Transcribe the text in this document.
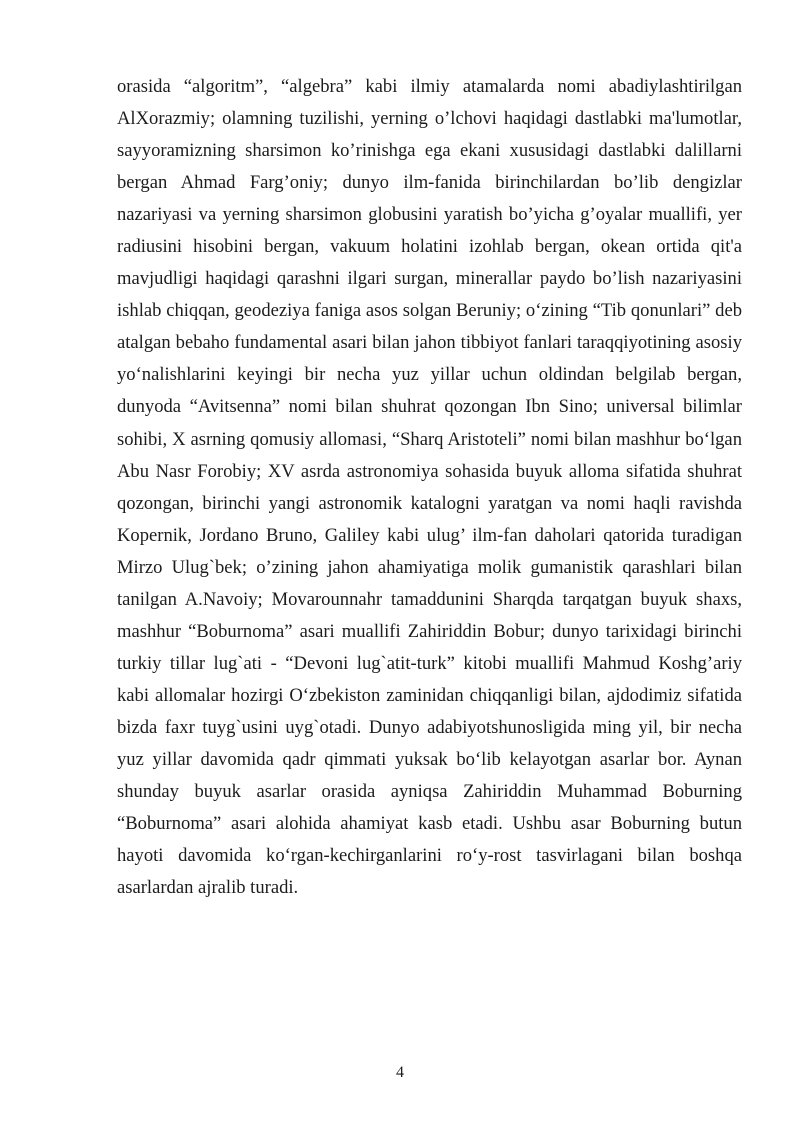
orasida “algoritm”, “algebra” kabi ilmiy atamalarda nomi abadiylashtirilgan AlXorazmiy; olamning tuzilishi, yerning o’lchovi haqidagi dastlabki ma'lumotlar, sayyoramizning sharsimon ko’rinishga ega ekani xususidagi dastlabki dalillarni bergan Ahmad Farg’oniy; dunyo ilm-fanida birinchilardan bo’lib dengizlar nazariyasi va yerning sharsimon globusini yaratish bo’yicha g’oyalar muallifi, yer radiusini hisobini bergan, vakuum holatini izohlab bergan, okean ortida qit'a mavjudligi haqidagi qarashni ilgari surgan, minerallar paydo bo’lish nazariyasini ishlab chiqqan, geodeziya faniga asos solgan Beruniy; oʻzining “Tib qonunlari” deb atalgan bebaho fundamental asari bilan jahon tibbiyot fanlari taraqqiyotining asosiy yoʻnalishlarini keyingi bir necha yuz yillar uchun oldindan belgilab bergan, dunyoda “Avitsenna” nomi bilan shuhrat qozongan Ibn Sino; universal bilimlar sohibi, X asrning qomusiy allomasi, “Sharq Aristoteli” nomi bilan mashhur boʻlgan Abu Nasr Forobiy; XV asrda astronomiya sohasida buyuk alloma sifatida shuhrat qozongan, birinchi yangi astronomik katalogni yaratgan va nomi haqli ravishda Kopernik, Jordano Bruno, Galiley kabi ulug’ ilm-fan daholari qatorida turadigan Mirzo Ulug`bek; o’zining jahon ahamiyatiga molik gumanistik qarashlari bilan tanilgan A.Navoiy; Movarounnahr tamaddunini Sharqda tarqatgan buyuk shaxs, mashhur “Boburnoma” asari muallifi Zahiriddin Bobur; dunyo tarixidagi birinchi turkiy tillar lug`ati - “Devoni lug`atit-turk” kitobi muallifi Mahmud Koshg’ariy kabi allomalar hozirgi Oʻzbekiston zaminidan chiqqanligi bilan, ajdodimiz sifatida bizda faxr tuyg`usini uyg`otadi. Dunyo adabiyotshunosligida ming yil, bir necha yuz yillar davomida qadr qimmati yuksak boʻlib kelayotgan asarlar bor. Aynan shunday buyuk asarlar orasida ayniqsa Zahiriddin Muhammad Boburning “Boburnoma” asari alohida ahamiyat kasb etadi. Ushbu asar Boburning butun hayoti davomida koʻrgan-kechirganlarini roʻy-rost tasvirlagani bilan boshqa asarlardan ajralib turadi.

4
